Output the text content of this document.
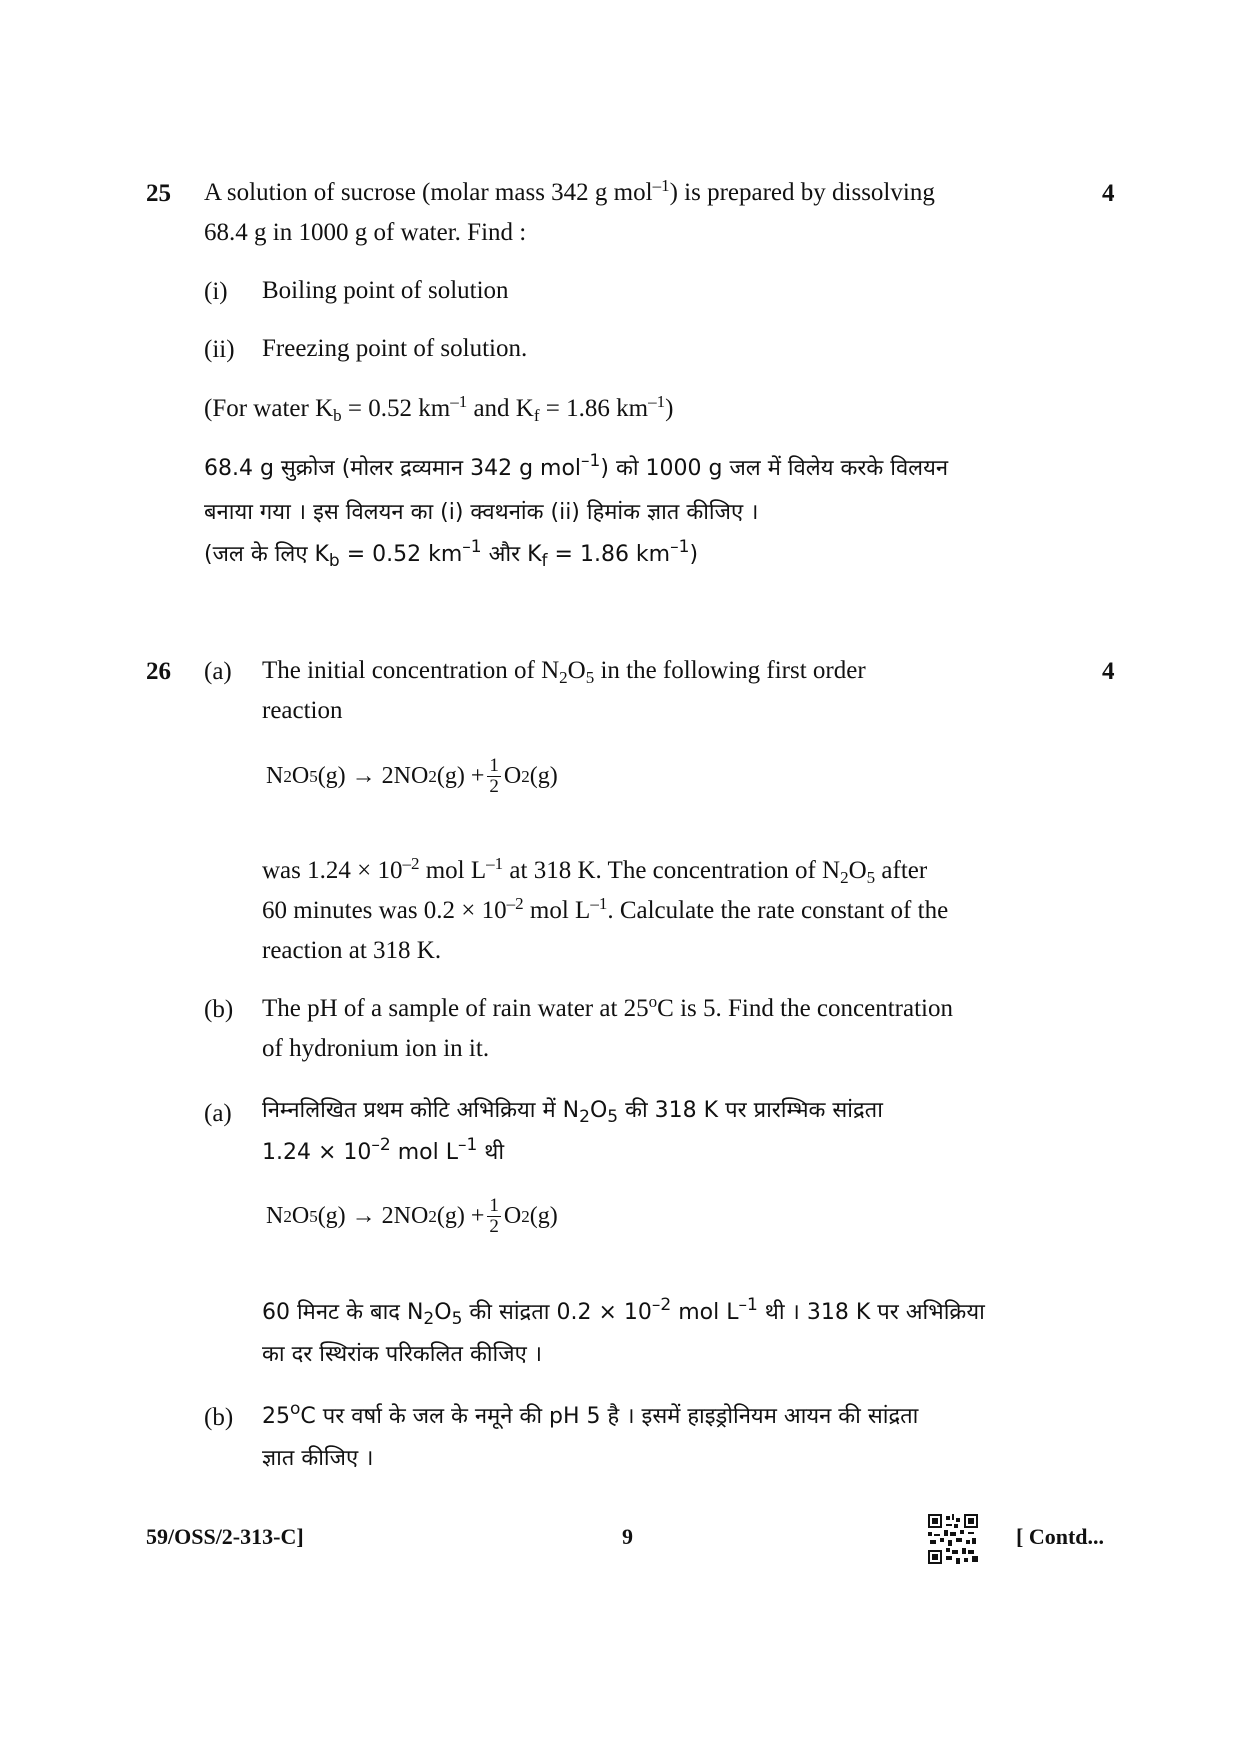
25	4
A solution of sucrose (molar mass 342 g mol$^{-1}$) is prepared by dissolving
68.4 g in 1000 g of water. Find :
(i) Boiling point of solution
(ii) Freezing point of solution.
(For water $K_b = 0.52$ $km^{-1}$ and $K_f = 1.86$ $km^{-1}$)
68.4 g सुक्रोज (मोलर द्रव्यमान 342 g mol$^{-1}$) को 1000 g जल में विलेय करके विलयन
बनाया गया । इस विलयन का (i) क्वथनांक (ii) हिमांक ज्ञात कीजिए ।
(जल के लिए $K_b = 0.52$ $km^{-1}$ और $K_f = 1.86$ $km^{-1}$)
26	4
(a) The initial concentration of $N_2O_5$ in the following first order
reaction
N 2 O 5 (g) → 2NO 2 $(g) + \frac{1}{2}$ O 2 (g)
was $1.24 \times 10^{-2}$ mol $L^{-1}$ at 318 K. The concentration of $N_2O_5$ after
60 minutes was $0.2 \times 10^{-2}$ mol $L^{-1}$. Calculate the rate constant of the
reaction at 318 K.
(b) The pH of a sample of rain water at 25$^o$C is 5. Find the concentration
of hydronium ion in it.
(a) निम्नलिखित प्रथम कोटि अभिक्रिया में $N_2O_5$ की 318 K पर प्रारम्भिक सांद्रता
$1.24 \times 10^{-2}$ mol $L^{-1}$ थी
N 2 O 5 (g) → 2NO 2 $(g) + \frac{1}{2}$ O 2 (g)
60 मिनट के बाद $N_2O_5$ की सांद्रता $0.2 \times 10^{-2}$ mol $L^{-1}$ थी । 318 K पर अभिक्रिया
का दर स्थिरांक परिकलित कीजिए ।
(b) 25$^o$C पर वर्षा के जल के नमूने की pH 5 है । इसमें हाइड्रोनियम आयन की सांद्रता
ज्ञात कीजिए ।
59/OSS/2-313-C]	9	[ Contd...
